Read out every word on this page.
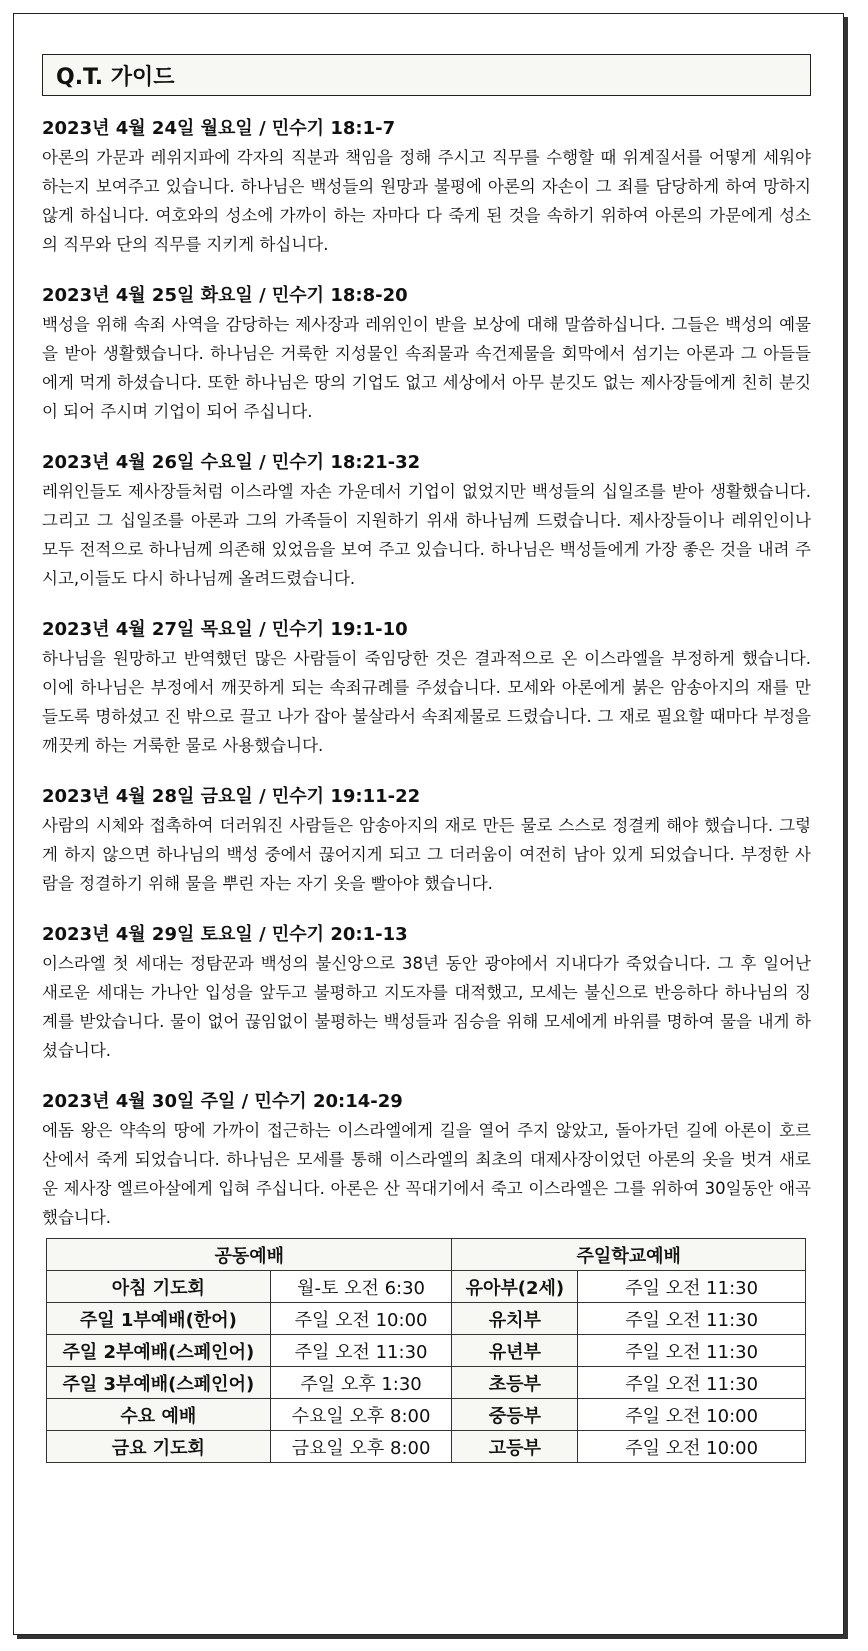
Q.T. 가이드
2023년 4월 24일 월요일 / 민수기 18:1-7
아론의 가문과 레위지파에 각자의 직분과 책임을 정해 주시고 직무를 수행할 때 위계질서를 어떻게 세워야 하는지 보여주고 있습니다. 하나님은 백성들의 원망과 불평에 아론의 자손이 그 죄를 담당하게 하여 망하지 않게 하십니다. 여호와의 성소에 가까이 하는 자마다 다 죽게 된 것을 속하기 위하여 아론의 가문에게 성소의 직무와 단의 직무를 지키게 하십니다.
2023년 4월 25일 화요일 / 민수기 18:8-20
백성을 위해 속죄 사역을 감당하는 제사장과 레위인이 받을 보상에 대해 말씀하십니다. 그들은 백성의 예물을 받아 생활했습니다. 하나님은 거룩한 지성물인 속죄물과 속건제물을 회막에서 섬기는 아론과 그 아들들에게 먹게 하셨습니다. 또한 하나님은 땅의 기업도 없고 세상에서 아무 분깃도 없는 제사장들에게 친히 분깃이 되어 주시며 기업이 되어 주십니다.
2023년 4월 26일 수요일 / 민수기 18:21-32
레위인들도 제사장들처럼 이스라엘 자손 가운데서 기업이 없었지만 백성들의 십일조를 받아 생활했습니다. 그리고 그 십일조를 아론과 그의 가족들이 지원하기 위새 하나님께 드렸습니다. 제사장들이나 레위인이나 모두 전적으로 하나님께 의존해 있었음을 보여 주고 있습니다. 하나님은 백성들에게 가장 좋은 것을 내려 주시고,이들도 다시 하나님께 올려드렸습니다.
2023년 4월 27일 목요일 / 민수기 19:1-10
하나님을 원망하고 반역했던 많은 사람들이 죽임당한 것은 결과적으로 온 이스라엘을 부정하게 했습니다. 이에 하나님은 부정에서 깨끗하게 되는 속죄규례를 주셨습니다. 모세와 아론에게 붉은 암송아지의 재를 만들도록 명하셨고 진 밖으로 끌고 나가 잡아 불살라서 속죄제물로 드렸습니다. 그 재로 필요할 때마다 부정을 깨끗케 하는 거룩한 물로 사용했습니다.
2023년 4월 28일 금요일 / 민수기 19:11-22
사람의 시체와 접촉하여 더러워진 사람들은 암송아지의 재로 만든 물로 스스로 정결케 해야 했습니다. 그렇게 하지 않으면 하나님의 백성 중에서 끊어지게 되고 그 더러움이 여전히 남아 있게 되었습니다. 부정한 사람을 정결하기 위해 물을 뿌린 자는 자기 옷을 빨아야 했습니다.
2023년 4월 29일 토요일 / 민수기 20:1-13
이스라엘 첫 세대는 정탐꾼과 백성의 불신앙으로 38년 동안 광야에서 지내다가 죽었습니다. 그 후 일어난 새로운 세대는 가나안 입성을 앞두고 불평하고 지도자를 대적했고, 모세는 불신으로 반응하다 하나님의 징계를 받았습니다. 물이 없어 끊임없이 불평하는 백성들과 짐승을 위해 모세에게 바위를 명하여 물을 내게 하셨습니다.
2023년 4월 30일 주일 / 민수기 20:14-29
에돔 왕은 약속의 땅에 가까이 접근하는 이스라엘에게 길을 열어 주지 않았고, 돌아가던 길에 아론이 호르 산에서 죽게 되었습니다. 하나님은 모세를 통해 이스라엘의 최초의 대제사장이었던 아론의 옷을 벗겨 새로운 제사장 엘르아살에게 입혀 주십니다. 아론은 산 꼭대기에서 죽고 이스라엘은 그를 위하여 30일동안 애곡했습니다.
공동예배		주일학교예배	
아침 기도회	월-토 오전 6:30	유아부(2세)	주일 오전 11:30
주일 1부예배(한어)	주일 오전 10:00	유치부	주일 오전 11:30
주일 2부예배(스페인어)	주일 오전 11:30	유년부	주일 오전 11:30
주일 3부예배(스페인어)	주일 오후 1:30	초등부	주일 오전 11:30
수요 예배	수요일 오후 8:00	중등부	주일 오전 10:00
금요 기도회	금요일 오후 8:00	고등부	주일 오전 10:00
